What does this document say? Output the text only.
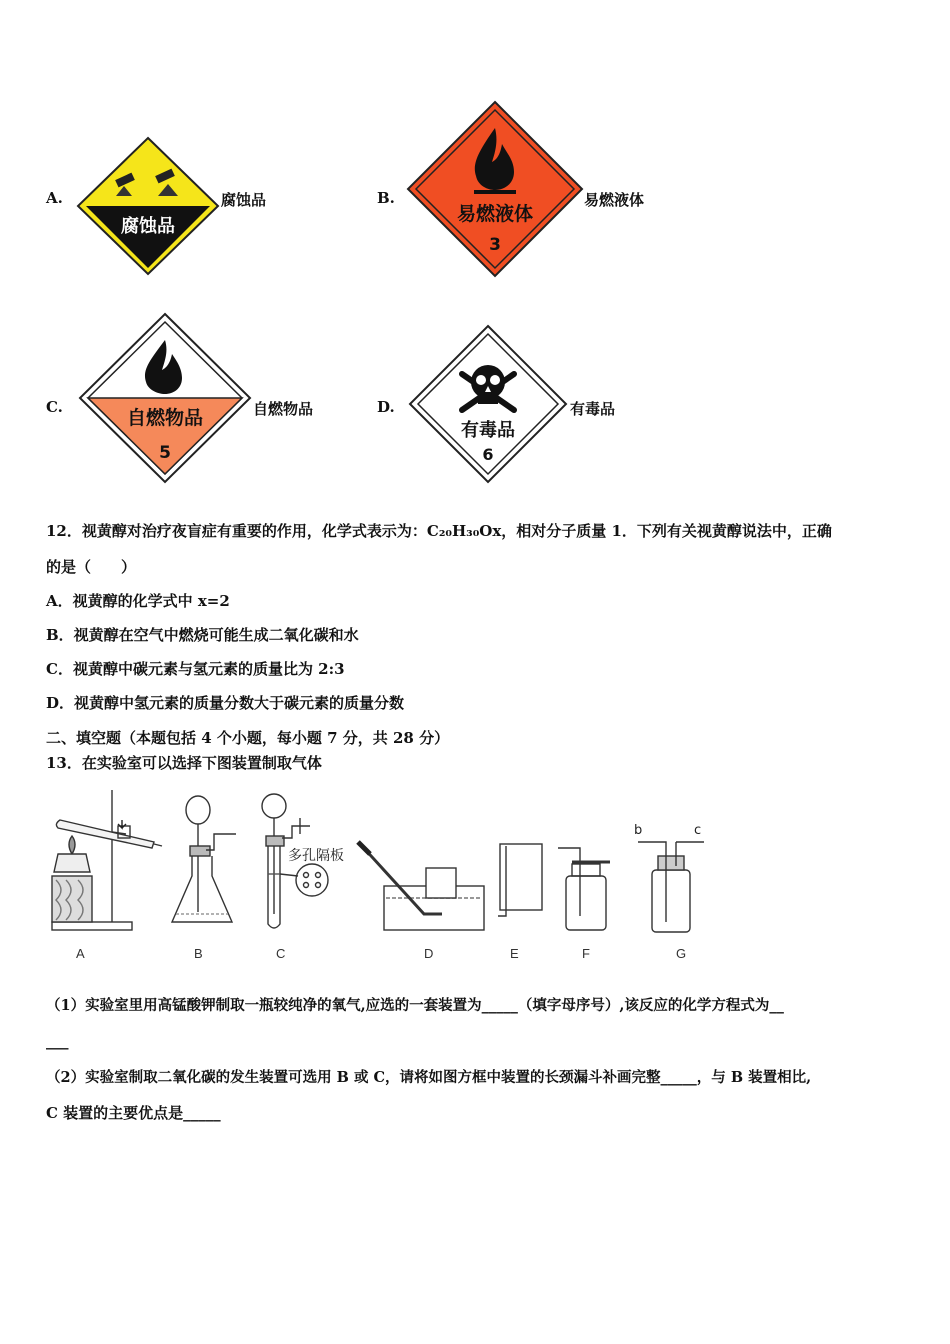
A.
腐蚀品
腐蚀品	B.
易燃液体
3
易燃液体
C.	自燃物品
5
自燃物品	D.
有毒品
6
有毒品
12．视黄醇对治疗夜盲症有重要的作用，化学式表示为：C₂₀H₃₀Ox，相对分子质量 1．下列有关视黄醇说法中，正确
的是（　　）
A．视黄醇的化学式中 x=2
B．视黄醇在空气中燃烧可能生成二氧化碳和水
C．视黄醇中碳元素与氢元素的质量比为 2:3
D．视黄醇中氢元素的质量分数大于碳元素的质量分数
二、填空题（本题包括 4 个小题，每小题 7 分，共 28 分）
13．在实验室可以选择下图装置制取气体
多孔隔板
b	c
A	B	C	D	E	F	G
（1）实验室里用高锰酸钾制取一瓶较纯净的氧气,应选的一套装置为_____（填字母序号）,该反应的化学方程式为__
___
（2）实验室制取二氧化碳的发生装置可选用 B 或 C，请将如图方框中装置的长颈漏斗补画完整_____，与 B 装置相比,
C 装置的主要优点是_____
